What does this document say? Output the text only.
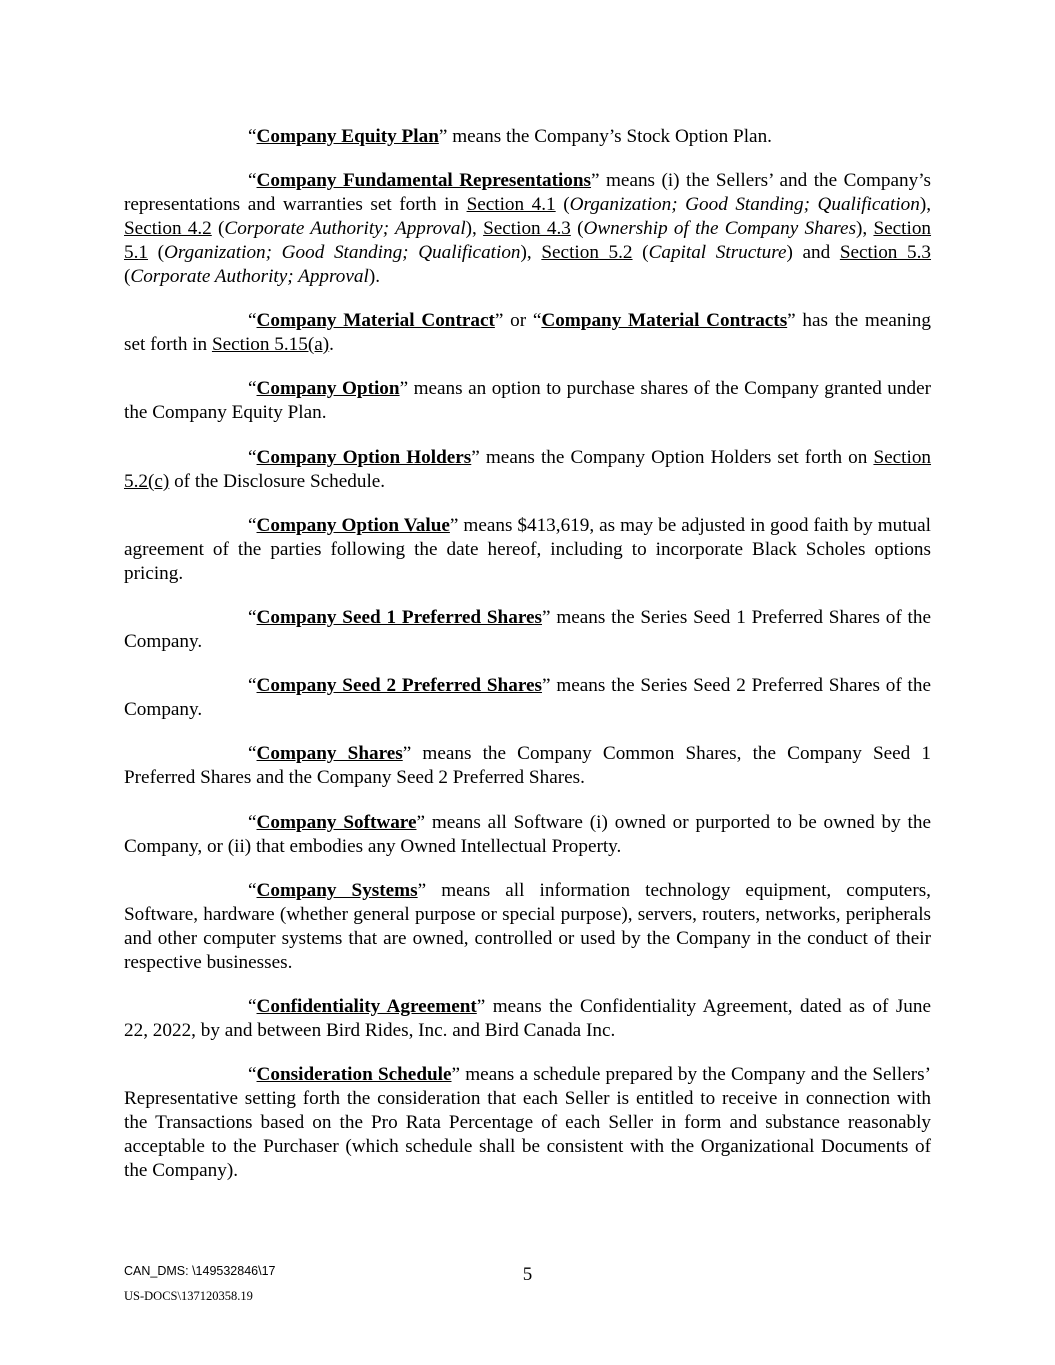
“Company Equity Plan” means the Company’s Stock Option Plan.

“Company Fundamental Representations” means (i) the Sellers’ and the Company’s representations and warranties set forth in Section 4.1 (Organization; Good Standing; Qualification), Section 4.2 (Corporate Authority; Approval), Section 4.3 (Ownership of the Company Shares), Section 5.1 (Organization; Good Standing; Qualification), Section 5.2 (Capital Structure) and Section 5.3 (Corporate Authority; Approval).

“Company Material Contract” or “Company Material Contracts” has the meaning set forth in Section 5.15(a).

“Company Option” means an option to purchase shares of the Company granted under the Company Equity Plan.

“Company Option Holders” means the Company Option Holders set forth on Section 5.2(c) of the Disclosure Schedule.

“Company Option Value” means $413,619, as may be adjusted in good faith by mutual agreement of the parties following the date hereof, including to incorporate Black Scholes options pricing.

“Company Seed 1 Preferred Shares” means the Series Seed 1 Preferred Shares of the Company.

“Company Seed 2 Preferred Shares” means the Series Seed 2 Preferred Shares of the Company.

“Company Shares” means the Company Common Shares, the Company Seed 1 Preferred Shares and the Company Seed 2 Preferred Shares.

“Company Software” means all Software (i) owned or purported to be owned by the Company, or (ii) that embodies any Owned Intellectual Property.

“Company Systems” means all information technology equipment, computers, Software, hardware (whether general purpose or special purpose), servers, routers, networks, peripherals and other computer systems that are owned, controlled or used by the Company in the conduct of their respective businesses.

“Confidentiality Agreement” means the Confidentiality Agreement, dated as of June 22, 2022, by and between Bird Rides, Inc. and Bird Canada Inc.

“Consideration Schedule” means a schedule prepared by the Company and the Sellers’ Representative setting forth the consideration that each Seller is entitled to receive in connection with the Transactions based on the Pro Rata Percentage of each Seller in form and substance reasonably acceptable to the Purchaser (which schedule shall be consistent with the Organizational Documents of the Company).

CAN_DMS: \149532846\17	5

US-DOCS\137120358.19
